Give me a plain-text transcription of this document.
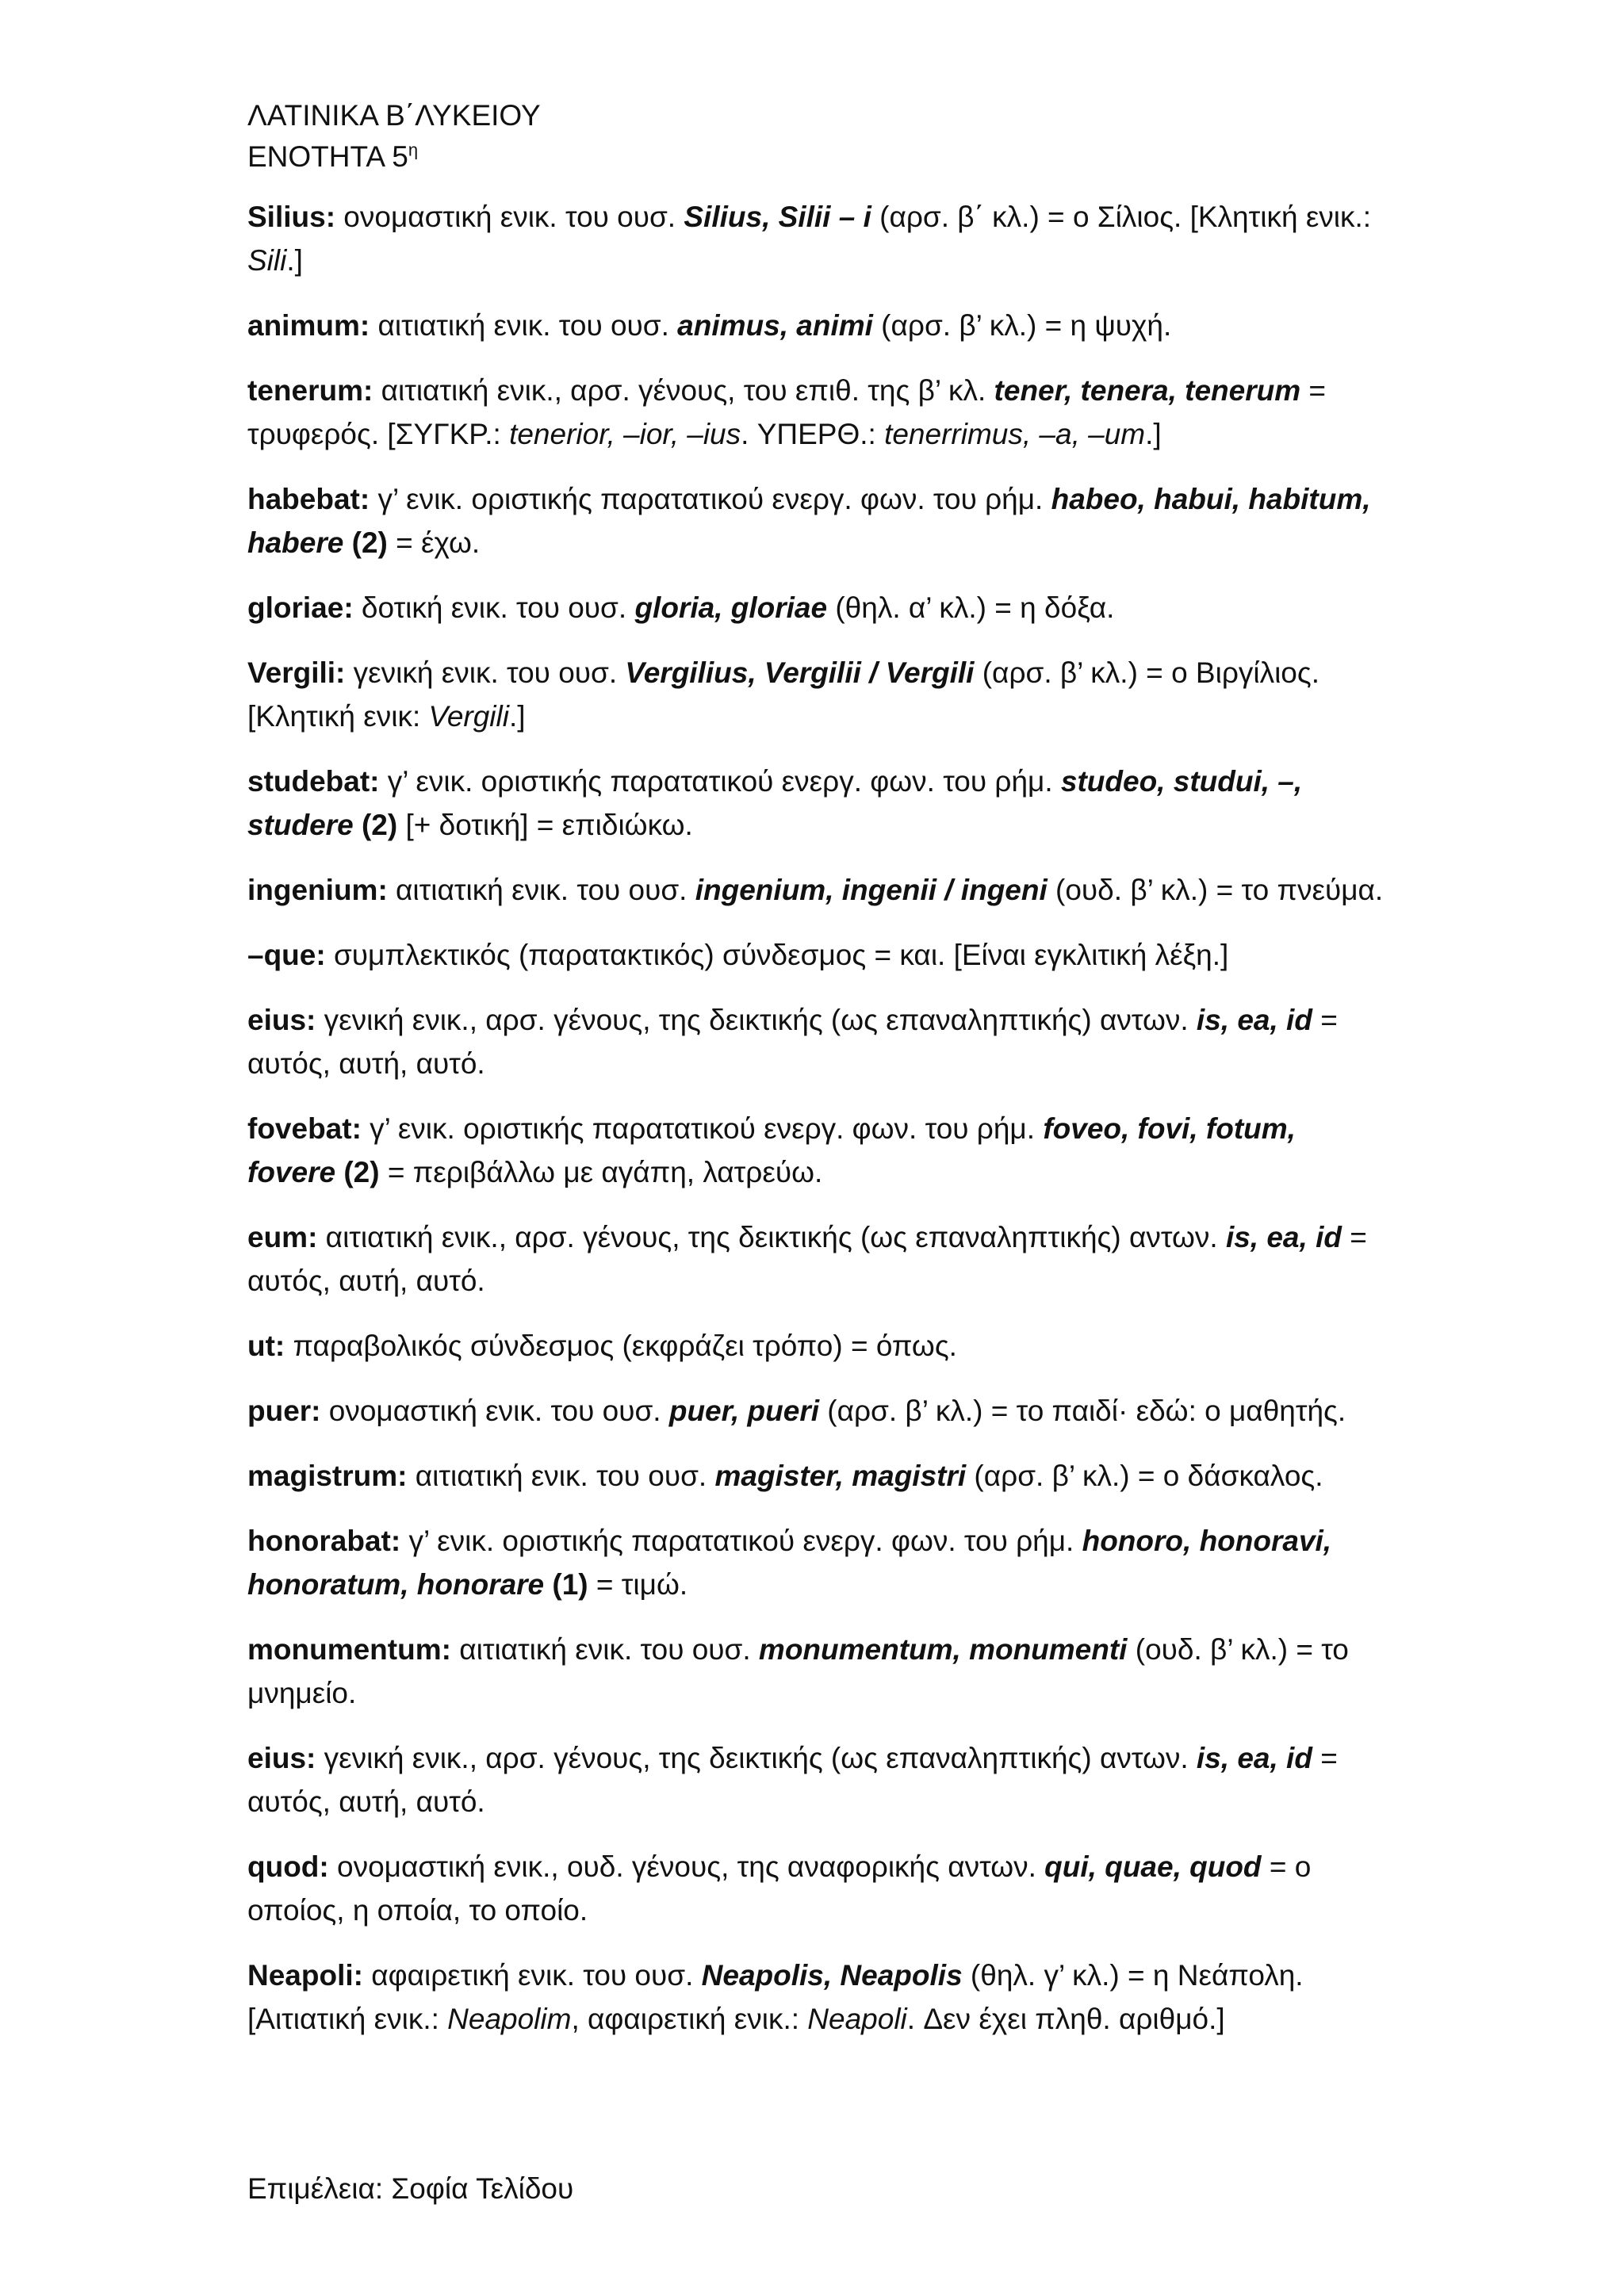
ΛΑΤΙΝΙΚΑ Β΄ΛΥΚΕΙΟΥ

ΕΝΟΤΗΤΑ $5^\eta$

Silius: ονομαστική ενικ. του ουσ. Silius, Silii – i (αρσ. β΄ κλ.) = ο Σίλιος. [Κλητική ενικ.: Sili.]

animum: αιτιατική ενικ. του ουσ. animus, animi (αρσ. β’ κλ.) = η ψυχή.

tenerum: αιτιατική ενικ., αρσ. γένους, του επιθ. της β’ κλ. tener, tenera, tenerum = τρυφερός. [ΣΥΓΚΡ.: tenerior, –ior, –ius. ΥΠΕΡΘ.: tenerrimus, –a, –um.]

habebat: γ’ ενικ. οριστικής παρατατικού ενεργ. φων. του ρήμ. habeo, habui, habitum, habere (2) = έχω.

gloriae: δοτική ενικ. του ουσ. gloria, gloriae (θηλ. α’ κλ.) = η δόξα.

Vergili: γενική ενικ. του ουσ. Vergilius, Vergilii / Vergili (αρσ. β’ κλ.) = ο Βιργίλιος. [Κλητική ενικ: Vergili.]

studebat: γ’ ενικ. οριστικής παρατατικού ενεργ. φων. του ρήμ. studeo, studui, –, studere (2) [+ δοτική] = επιδιώκω.

ingenium: αιτιατική ενικ. του ουσ. ingenium, ingenii / ingeni (ουδ. β’ κλ.) = το πνεύμα.

–que: συμπλεκτικός (παρατακτικός) σύνδεσμος = και. [Είναι εγκλιτική λέξη.]

eius: γενική ενικ., αρσ. γένους, της δεικτικής (ως επαναληπτικής) αντων. is, ea, id = αυτός, αυτή, αυτό.

fovebat: γ’ ενικ. οριστικής παρατατικού ενεργ. φων. του ρήμ. foveo, fovi, fotum, fovere (2) = περιβάλλω με αγάπη, λατρεύω.

eum: αιτιατική ενικ., αρσ. γένους, της δεικτικής (ως επαναληπτικής) αντων. is, ea, id = αυτός, αυτή, αυτό.

ut: παραβολικός σύνδεσμος (εκφράζει τρόπο) = όπως.

puer: ονομαστική ενικ. του ουσ. puer, pueri (αρσ. β’ κλ.) = το παιδί· εδώ: ο μαθητής.

magistrum: αιτιατική ενικ. του ουσ. magister, magistri (αρσ. β’ κλ.) = ο δάσκαλος.

honorabat: γ’ ενικ. οριστικής παρατατικού ενεργ. φων. του ρήμ. honoro, honoravi, honoratum, honorare (1) = τιμώ.

monumentum: αιτιατική ενικ. του ουσ. monumentum, monumenti (ουδ. β’ κλ.) = το μνημείο.

eius: γενική ενικ., αρσ. γένους, της δεικτικής (ως επαναληπτικής) αντων. is, ea, id = αυτός, αυτή, αυτό.

quod: ονομαστική ενικ., ουδ. γένους, της αναφορικής αντων. qui, quae, quod = ο οποίος, η οποία, το οποίο.

Neapoli: αφαιρετική ενικ. του ουσ. Neapolis, Neapolis (θηλ. γ’ κλ.) = η Νεάπολη. [Αιτιατική ενικ.: Neapolim, αφαιρετική ενικ.: Neapoli. Δεν έχει πληθ. αριθμό.]

Επιμέλεια: Σοφία Τελίδου
